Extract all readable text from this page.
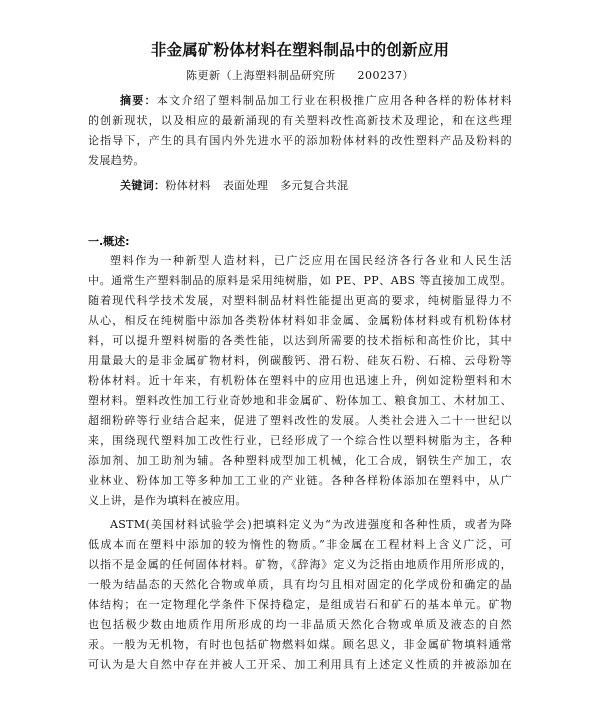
非金属矿粉体材料在塑料制品中的创新应用
陈更新（上海塑料制品研究所 200237）
摘要：本文介绍了塑料制品加工行业在积极推广应用各种各样的粉体材料
的创新现状，以及相应的最新涌现的有关塑料改性高新技术及理论，和在这些理
论指导下，产生的具有国内外先进水平的添加粉体材料的改性塑料产品及粉料的
发展趋势。
关键词：粉体材料 表面处理 多元复合共混
一.概述:
塑料作为一种新型人造材料，已广泛应用在国民经济各行各业和人民生活
中。通常生产塑料制品的原料是采用纯树脂，如 PE、PP、ABS 等直接加工成型。
随着现代科学技术发展，对塑料制品材料性能提出更高的要求，纯树脂显得力不
从心，相反在纯树脂中添加各类粉体材料如非金属、金属粉体材料或有机粉体材
料，可以提升塑料树脂的各类性能，以达到所需要的技术指标和高性价比，其中
用量最大的是非金属矿物材料，例碳酸钙、滑石粉、硅灰石粉、石棉、云母粉等
粉体材料。近十年来，有机粉体在塑料中的应用也迅速上升，例如淀粉塑料和木
塑材料。塑料改性加工行业奇妙地和非金属矿、粉体加工、粮食加工、木材加工、
超细粉碎等行业结合起来，促进了塑料改性的发展。人类社会进入二十一世纪以
来，围绕现代塑料加工改性行业，已经形成了一个综合性以塑料树脂为主，各种
添加剂、加工助剂为辅。各种塑料成型加工机械，化工合成，钢铁生产加工，农
业林业、粉体加工等多种加工工业的产业链。各种各样粉体添加在塑料中，从广
义上讲，是作为填料在被应用。
ASTM(美国材料试验学会)把填料定义为“为改进强度和各种性质，或者为降
低成本而在塑料中添加的较为惰性的物质。”非金属在工程材料上含义广泛，可
以指不是金属的任何固体材料。矿物，《辞海》定义为泛指由地质作用所形成的，
一般为结晶态的天然化合物或单质，具有均匀且相对固定的化学成份和确定的晶
体结构；在一定物理化学条件下保持稳定，是组成岩石和矿石的基本单元。矿物
也包括极少数由地质作用所形成的均一非晶质天然化合物或单质及液态的自然
汞。一般为无机物，有时也包括矿物燃料如煤。顾名思义，非金属矿物填料通常
可认为是大自然中存在并被人工开采、加工利用具有上述定义性质的并被添加在
